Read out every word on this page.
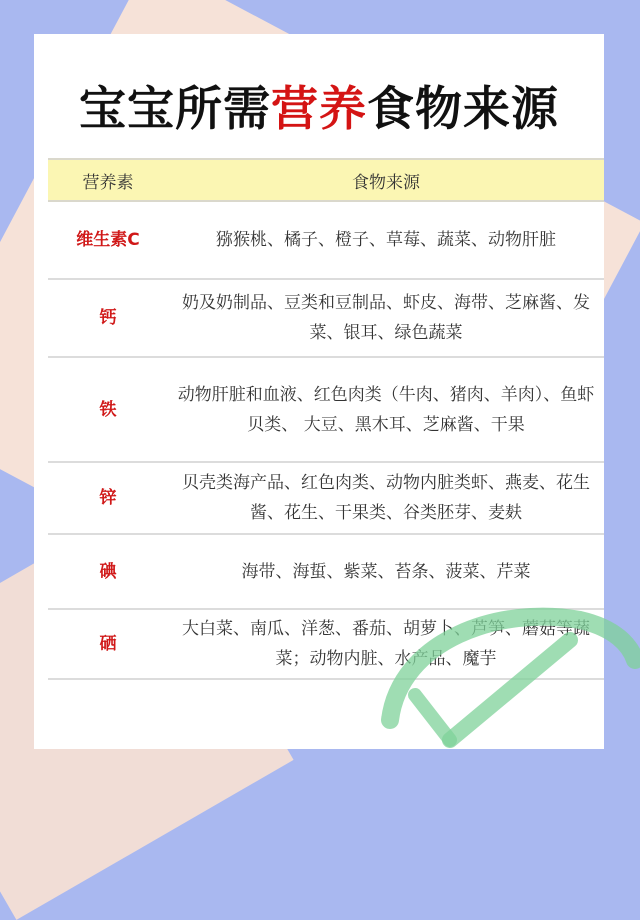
宝宝所需营养食物来源
营养素	食物来源
维生素C	猕猴桃、橘子、橙子、草莓、蔬菜、动物肝脏
钙	奶及奶制品、豆类和豆制品、虾皮、海带、芝麻酱、发菜、银耳、绿色蔬菜
铁	动物肝脏和血液、红色肉类（牛肉、猪肉、羊肉）、鱼虾贝类、 大豆、黑木耳、芝麻酱、干果
锌	贝壳类海产品、红色肉类、动物内脏类虾、燕麦、花生酱、花生、干果类、谷类胚芽、麦麸
碘	海带、海蜇、紫菜、苔条、菠菜、芹菜
硒	大白菜、南瓜、洋葱、番茄、胡萝卜、芦笋、蘑菇等蔬菜；动物内脏、水产品、魔芋
